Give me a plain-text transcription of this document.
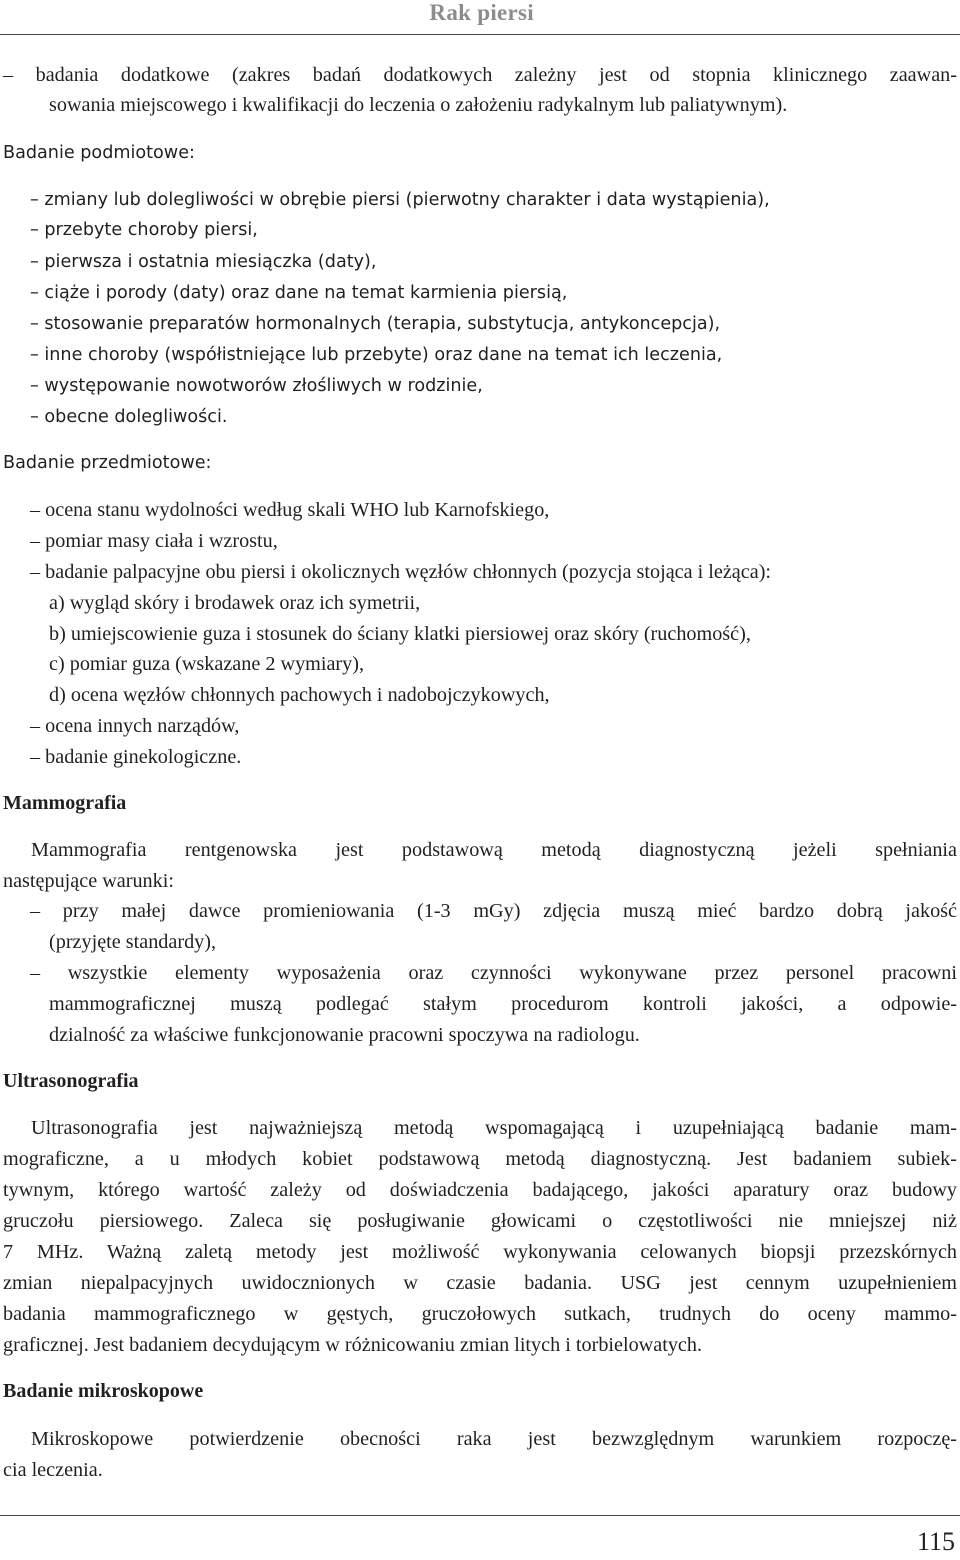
Rak piersi
– badania dodatkowe (zakres badań dodatkowych zależny jest od stopnia klinicznego zaawan-
sowania miejscowego i kwalifikacji do leczenia o założeniu radykalnym lub paliatywnym).
Badanie podmiotowe:
– zmiany lub dolegliwości w obrębie piersi (pierwotny charakter i data wystąpienia),
– przebyte choroby piersi,
– pierwsza i ostatnia miesiączka (daty),
– ciąże i porody (daty) oraz dane na temat karmienia piersią,
– stosowanie preparatów hormonalnych (terapia, substytucja, antykoncepcja),
– inne choroby (współistniejące lub przebyte) oraz dane na temat ich leczenia,
– występowanie nowotworów złośliwych w rodzinie,
– obecne dolegliwości.
Badanie przedmiotowe:
– ocena stanu wydolności według skali WHO lub Karnofskiego,
– pomiar masy ciała i wzrostu,
– badanie palpacyjne obu piersi i okolicznych węzłów chłonnych (pozycja stojąca i leżąca):
a) wygląd skóry i brodawek oraz ich symetrii,
b) umiejscowienie guza i stosunek do ściany klatki piersiowej oraz skóry (ruchomość),
c) pomiar guza (wskazane 2 wymiary),
d) ocena węzłów chłonnych pachowych i nadobojczykowych,
– ocena innych narządów,
– badanie ginekologiczne.
Mammografia
Mammografia rentgenowska jest podstawową metodą diagnostyczną jeżeli spełniania
następujące warunki:
– przy małej dawce promieniowania (1-3 mGy) zdjęcia muszą mieć bardzo dobrą jakość
(przyjęte standardy),
– wszystkie elementy wyposażenia oraz czynności wykonywane przez personel pracowni
mammograficznej muszą podlegać stałym procedurom kontroli jakości, a odpowie-
dzialność za właściwe funkcjonowanie pracowni spoczywa na radiologu.
Ultrasonografia
Ultrasonografia jest najważniejszą metodą wspomagającą i uzupełniającą badanie mam-
mograficzne, a u młodych kobiet podstawową metodą diagnostyczną. Jest badaniem subiek-
tywnym, którego wartość zależy od doświadczenia badającego, jakości aparatury oraz budowy
gruczołu piersiowego. Zaleca się posługiwanie głowicami o częstotliwości nie mniejszej niż
7 MHz. Ważną zaletą metody jest możliwość wykonywania celowanych biopsji przezskórnych
zmian niepalpacyjnych uwidocznionych w czasie badania. USG jest cennym uzupełnieniem
badania mammograficznego w gęstych, gruczołowych sutkach, trudnych do oceny mammo-
graficznej. Jest badaniem decydującym w różnicowaniu zmian litych i torbielowatych.
Badanie mikroskopowe
Mikroskopowe potwierdzenie obecności raka jest bezwzględnym warunkiem rozpoczę-
cia leczenia.
115
